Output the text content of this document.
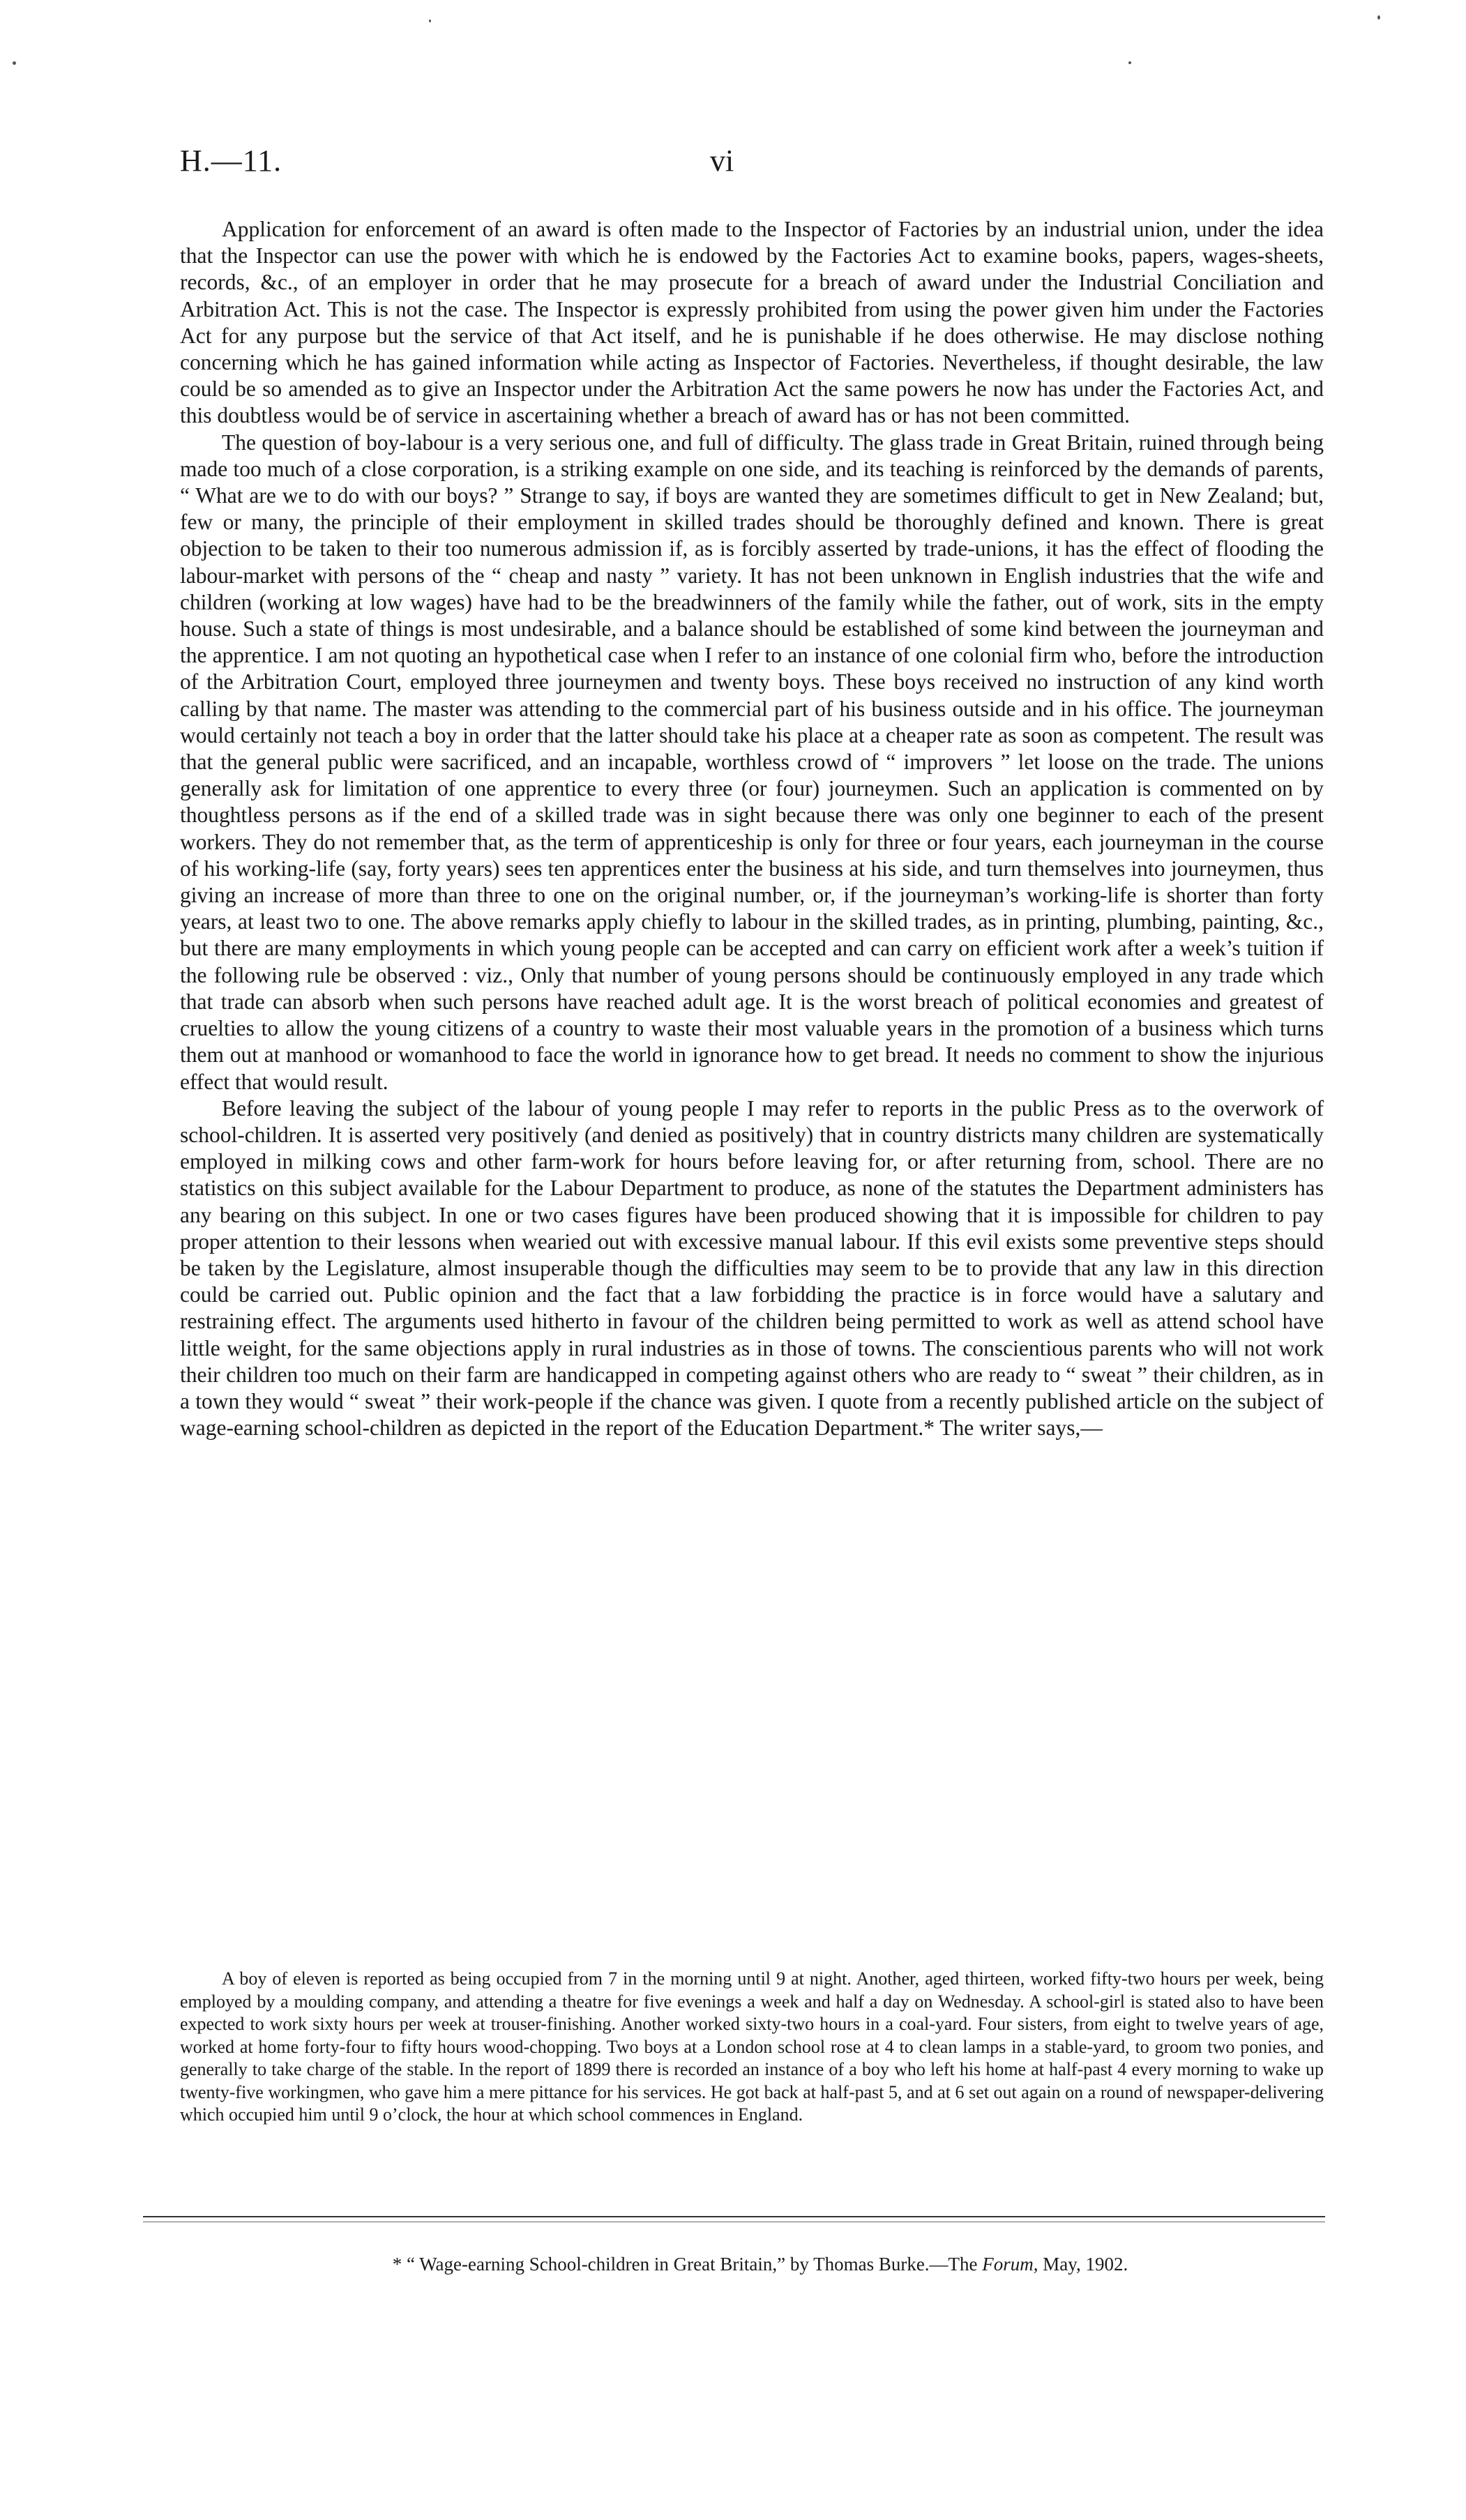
H.—11.	vi

Application for enforcement of an award is often made to the Inspector of Factories by an industrial union, under the idea that the Inspector can use the power with which he is endowed by the Factories Act to examine books, papers, wages-sheets, records, &c., of an employer in order that he may prosecute for a breach of award under the Industrial Conciliation and Arbitration Act. This is not the case. The Inspector is expressly prohibited from using the power given him under the Factories Act for any purpose but the service of that Act itself, and he is punishable if he does otherwise. He may disclose nothing concerning which he has gained information while acting as Inspector of Factories. Nevertheless, if thought desirable, the law could be so amended as to give an Inspector under the Arbitration Act the same powers he now has under the Factories Act, and this doubtless would be of service in ascertaining whether a breach of award has or has not been committed.

The question of boy-labour is a very serious one, and full of difficulty. The glass trade in Great Britain, ruined through being made too much of a close corporation, is a striking example on one side, and its teaching is reinforced by the demands of parents, “ What are we to do with our boys? ” Strange to say, if boys are wanted they are sometimes difficult to get in New Zealand; but, few or many, the principle of their employment in skilled trades should be thoroughly defined and known. There is great objection to be taken to their too numerous admission if, as is forcibly asserted by trade-unions, it has the effect of flooding the labour-market with persons of the “ cheap and nasty ” variety. It has not been unknown in English industries that the wife and children (working at low wages) have had to be the breadwinners of the family while the father, out of work, sits in the empty house. Such a state of things is most undesirable, and a balance should be established of some kind between the journeyman and the apprentice. I am not quoting an hypothetical case when I refer to an instance of one colonial firm who, before the introduction of the Arbitration Court, employed three journeymen and twenty boys. These boys received no instruction of any kind worth calling by that name. The master was attending to the commercial part of his business outside and in his office. The journeyman would certainly not teach a boy in order that the latter should take his place at a cheaper rate as soon as competent. The result was that the general public were sacrificed, and an incapable, worthless crowd of “ improvers ” let loose on the trade. The unions generally ask for limitation of one apprentice to every three (or four) journeymen. Such an application is commented on by thoughtless persons as if the end of a skilled trade was in sight because there was only one beginner to each of the present workers. They do not remember that, as the term of apprenticeship is only for three or four years, each journeyman in the course of his working-life (say, forty years) sees ten apprentices enter the business at his side, and turn themselves into journeymen, thus giving an increase of more than three to one on the original number, or, if the journeyman’s working-life is shorter than forty years, at least two to one. The above remarks apply chiefly to labour in the skilled trades, as in printing, plumbing, painting, &c., but there are many employments in which young people can be accepted and can carry on efficient work after a week’s tuition if the following rule be observed : viz., Only that number of young persons should be continuously employed in any trade which that trade can absorb when such persons have reached adult age. It is the worst breach of political economies and greatest of cruelties to allow the young citizens of a country to waste their most valuable years in the promotion of a business which turns them out at manhood or womanhood to face the world in ignorance how to get bread. It needs no comment to show the injurious effect that would result.

Before leaving the subject of the labour of young people I may refer to reports in the public Press as to the overwork of school-children. It is asserted very positively (and denied as positively) that in country districts many children are systematically employed in milking cows and other farm-work for hours before leaving for, or after returning from, school. There are no statistics on this subject available for the Labour Department to produce, as none of the statutes the Department administers has any bearing on this subject. In one or two cases figures have been produced showing that it is impossible for children to pay proper attention to their lessons when wearied out with excessive manual labour. If this evil exists some preventive steps should be taken by the Legislature, almost insuperable though the difficulties may seem to be to provide that any law in this direction could be carried out. Public opinion and the fact that a law forbidding the practice is in force would have a salutary and restraining effect. The arguments used hitherto in favour of the children being permitted to work as well as attend school have little weight, for the same objections apply in rural industries as in those of towns. The conscientious parents who will not work their children too much on their farm are handicapped in competing against others who are ready to “ sweat ” their children, as in a town they would “ sweat ” their work-people if the chance was given. I quote from a recently published article on the subject of wage-earning school-children as depicted in the report of the Education Department.* The writer says,—

A boy of eleven is reported as being occupied from 7 in the morning until 9 at night. Another, aged thirteen, worked fifty-two hours per week, being employed by a moulding company, and attending a theatre for five evenings a week and half a day on Wednesday. A school-girl is stated also to have been expected to work sixty hours per week at trouser-finishing. Another worked sixty-two hours in a coal-yard. Four sisters, from eight to twelve years of age, worked at home forty-four to fifty hours wood-chopping. Two boys at a London school rose at 4 to clean lamps in a stable-yard, to groom two ponies, and generally to take charge of the stable. In the report of 1899 there is recorded an instance of a boy who left his home at half-past 4 every morning to wake up twenty-five workingmen, who gave him a mere pittance for his services. He got back at half-past 5, and at 6 set out again on a round of newspaper-delivering which occupied him until 9 o’clock, the hour at which school commences in England.
* “ Wage-earning School-children in Great Britain,” by Thomas Burke.—The Forum, May, 1902.
